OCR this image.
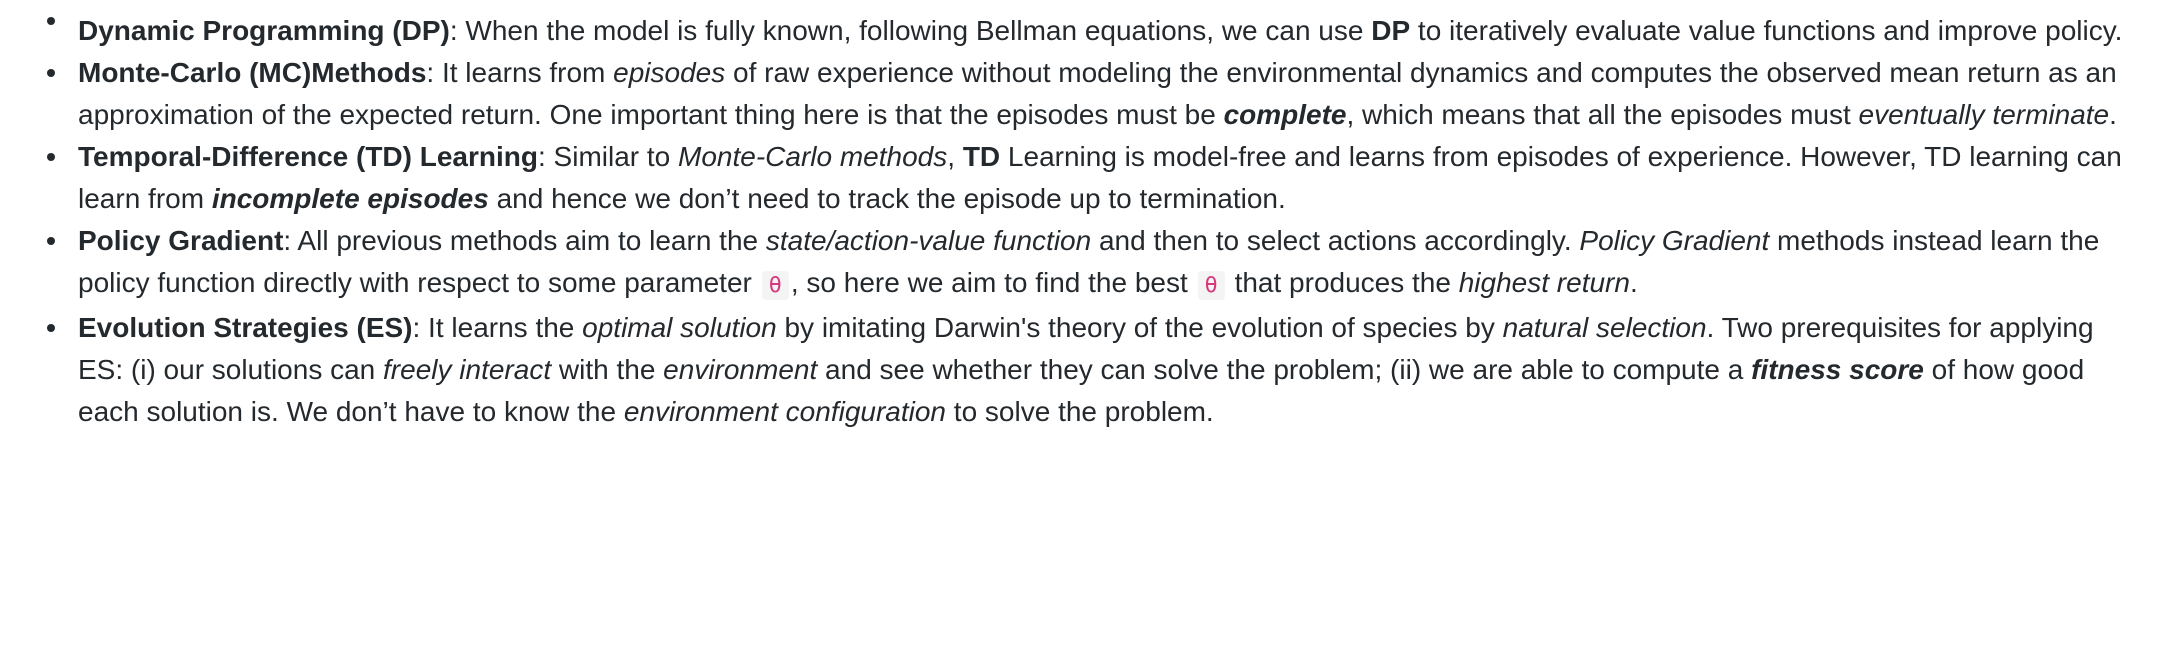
Dynamic Programming (DP): When the model is fully known, following Bellman equations, we can use DP to iteratively evaluate value functions and improve policy.
Monte-Carlo (MC)Methods: It learns from episodes of raw experience without modeling the environmental dynamics and computes the observed mean return as an approximation of the expected return. One important thing here is that the episodes must be complete, which means that all the episodes must eventually terminate.
Temporal-Difference (TD) Learning: Similar to Monte-Carlo methods, TD Learning is model-free and learns from episodes of experience. However, TD learning can learn from incomplete episodes and hence we don’t need to track the episode up to termination.
Policy Gradient: All previous methods aim to learn the state/action-value function and then to select actions accordingly. Policy Gradient methods instead learn the policy function directly with respect to some parameter θ , so here we aim to find the best θ that produces the highest return.
Evolution Strategies (ES): It learns the optimal solution by imitating Darwin's theory of the evolution of species by natural selection. Two prerequisites for applying ES: (i) our solutions can freely interact with the environment and see whether they can solve the problem; (ii) we are able to compute a fitness score of how good each solution is. We don’t have to know the environment configuration to solve the problem.
